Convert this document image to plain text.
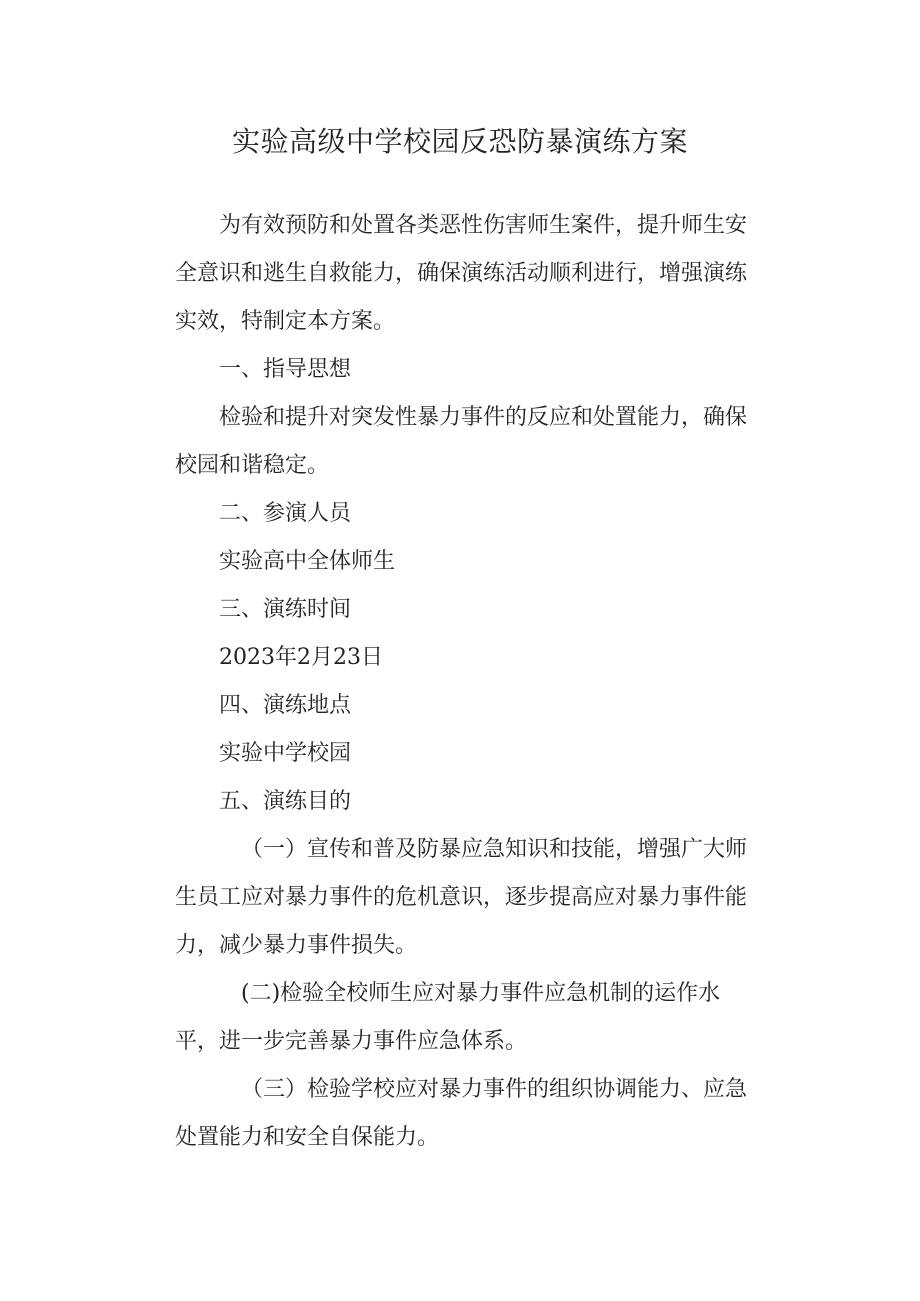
实验高级中学校园反恐防暴演练方案

为有效预防和处置各类恶性伤害师生案件，提升师生安全意识和逃生自救能力，确保演练活动顺利进行，增强演练实效，特制定本方案。

一、指导思想

检验和提升对突发性暴力事件的反应和处置能力，确保校园和谐稳定。

二、参演人员

实验高中全体师生

三、演练时间

2023年2月23日

四、演练地点

实验中学校园

五、演练目的

（一）宣传和普及防暴应急知识和技能，增强广大师生员工应对暴力事件的危机意识，逐步提高应对暴力事件能力，减少暴力事件损失。

(二)检验全校师生应对暴力事件应急机制的运作水平，进一步完善暴力事件应急体系。

（三）检验学校应对暴力事件的组织协调能力、应急处置能力和安全自保能力。
